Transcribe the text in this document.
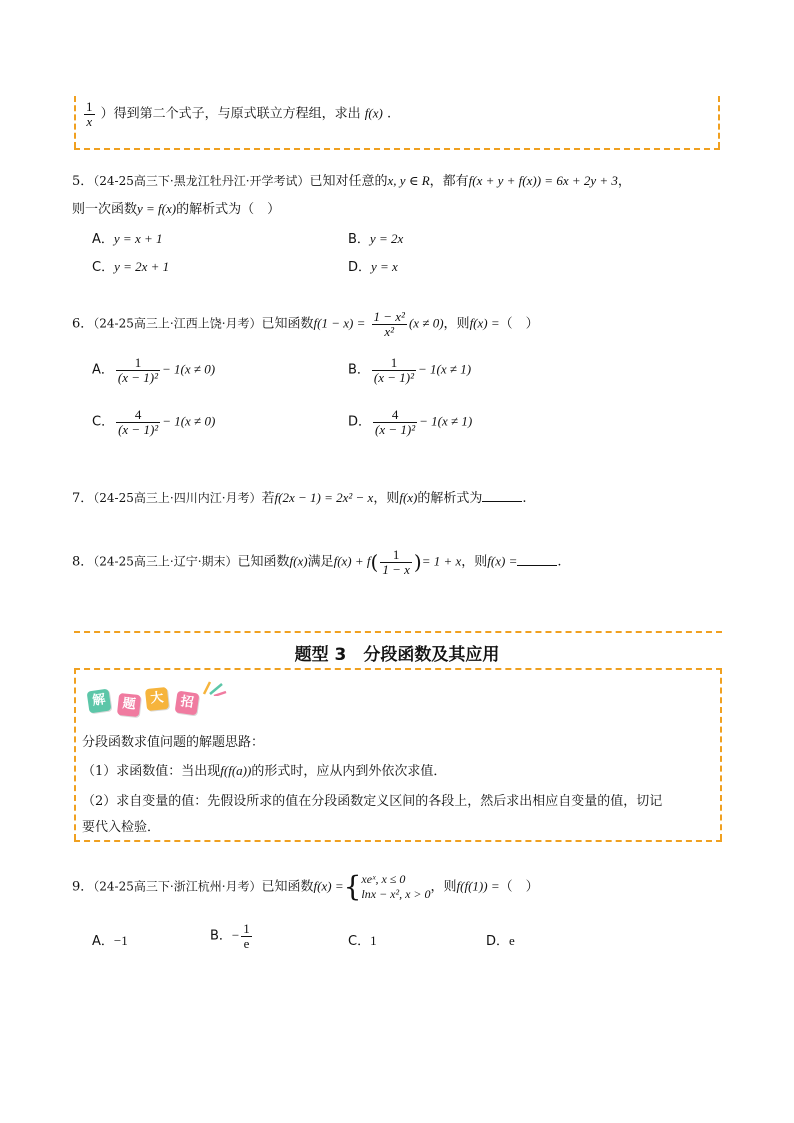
$\frac{1}{x}$ ）得到第二个式子，与原式联立方程组，求出 f(x) .
5．（24-25高三下·黑龙江牡丹江·开学考试）已知对任意的x, y ∈ R，都有f(x + y + f(x)) = 6x + 2y + 3，
则一次函数y = f(x)的解析式为（　）
A．y = x + 1	B．y = 2x
C．y = 2x + 1	D．y = x
6．（24-25高三上·江西上饶·月考）已知函数$f(1 - x) = \frac{\text{1 − x²}}{\text{x²}} (x \ne 0)$，则f(x) =（　）
A． $\frac{1}{\text{(x − 1)²}} - 1(x \ne 0)$	B． $\frac{1}{\text{(x − 1)²}} - 1(x \ne 1)$
C． $\frac{4}{\text{(x − 1)²}} - 1(x \ne 0)$	D． $\frac{4}{\text{(x − 1)²}} - 1(x \ne 1)$
7．（24-25高三上·四川内江·月考）若f(2x − 1) = 2x² − x，则f(x)的解析式为	.
8．（24-25高三上·辽宁·期末）已知函数f(x)满足$f(x) + f( \frac{1}{1 - x}$ )= 1 + x，则f(x) =	.
题型 3　分段函数及其应用
解	题	大	招
分段函数求值问题的解题思路：
（1）求函数值：当出现f(f(a))的形式时，应从内到外依次求值．
（2）求自变量的值：先假设所求的值在分段函数定义区间的各段上，然后求出相应自变量的值，切记
要代入检验．
9．（24-25高三下·浙江杭州·月考）已知函数f(x) ={ xeˣ, x ≤ 0
lnx − x², x > 0 ，则f(f(1)) =（　）
A．−1	B．− $\frac{1}{e}$	C．1	D．e
